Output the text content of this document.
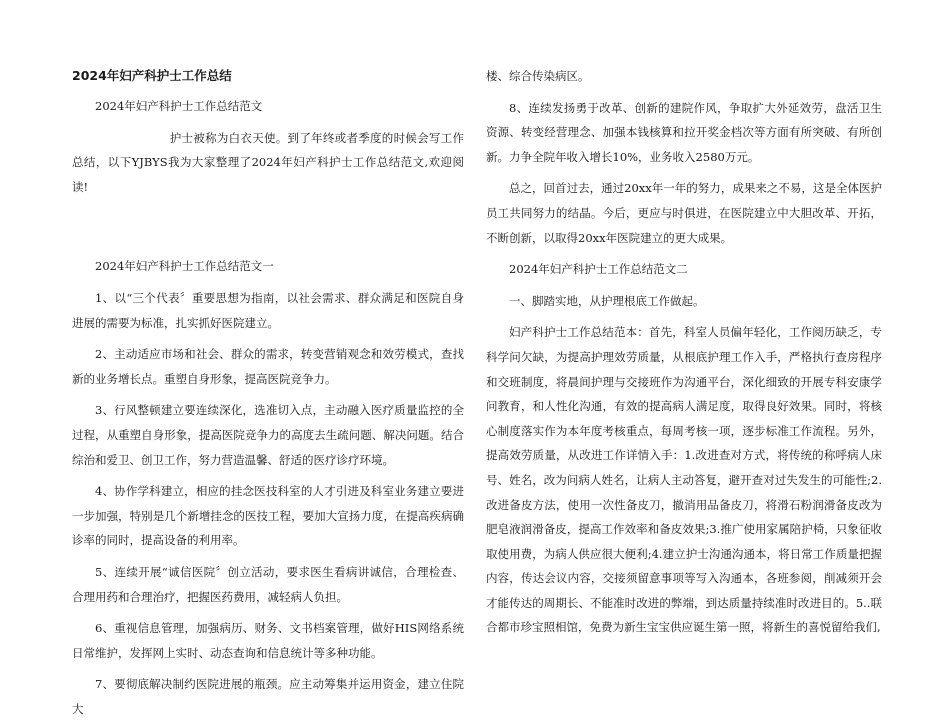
2024年妇产科护士工作总结

2024年妇产科护士工作总结范文

护士被称为白衣天使。到了年终或者季度的时候会写工作总结，以下YJBYS我为大家整理了2024年妇产科护士工作总结范文,欢迎阅读!

2024年妇产科护士工作总结范文一

1、以“三个代表〞重要思想为指南，以社会需求、群众满足和医院自身进展的需要为标准，扎实抓好医院建立。

2、主动适应市场和社会、群众的需求，转变营销观念和效劳模式，查找新的业务增长点。重塑自身形象，提高医院竞争力。

3、行风整顿建立要连续深化，选准切入点，主动融入医疗质量监控的全过程，从重塑自身形象，提高医院竞争力的高度去生疏问题、解决问题。结合综治和爱卫、创卫工作，努力营造温馨、舒适的医疗诊疗环境。

4、协作学科建立，相应的挂念医技科室的人才引进及科室业务建立要进一步加强，特别是几个新增挂念的医技工程，要加大宣扬力度，在提高疾病确诊率的同时，提高设备的利用率。

5、连续开展“诚信医院〞创立活动，要求医生看病讲诚信，合理检查、合理用药和合理治疗，把握医药费用，减轻病人负担。

6、重视信息管理，加强病历、财务、文书档案管理，做好HIS网络系统日常维护，发挥网上实时、动态查询和信息统计等多种功能。

7、要彻底解决制约医院进展的瓶颈。应主动筹集并运用资金，建立住院大

楼、综合传染病区。

8、连续发扬勇于改革、创新的建院作风，争取扩大外延效劳，盘活卫生资源、转变经营理念、加强本钱核算和拉开奖金档次等方面有所突破、有所创新。力争全院年收入增长10%，业务收入2580万元。

总之，回首过去，通过20xx年一年的努力，成果来之不易，这是全体医护员工共同努力的结晶。今后，更应与时俱进，在医院建立中大胆改革、开拓，不断创新，以取得20xx年医院建立的更大成果。

2024年妇产科护士工作总结范文二

一、脚踏实地，从护理根底工作做起。

妇产科护士工作总结范本：首先，科室人员偏年轻化，工作阅历缺乏，专科学问欠缺，为提高护理效劳质量，从根底护理工作入手，严格执行查房程序和交班制度，将晨间护理与交接班作为沟通平台，深化细致的开展专科安康学问教育，和人性化沟通，有效的提高病人满足度，取得良好效果。同时，将核心制度落实作为本年度考核重点，每周考核一项，逐步标准工作流程。另外，提高效劳质量，从改进工作详情入手：1.改进查对方式，将传统的称呼病人床号、姓名，改为问病人姓名，让病人主动答复，避开查对过失发生的可能性;2.改进备皮方法，使用一次性备皮刀，撤消用品备皮刀，将滑石粉润滑备皮改为肥皂液润滑备皮，提高工作效率和备皮效果;3.推广使用家属陪护椅，只象征收取使用费，为病人供应很大便利;4.建立护士沟通沟通本，将日常工作质量把握内容，传达会议内容，交接须留意事项等写入沟通本，各班参阅，削减须开会才能传达的周期长、不能准时改进的弊端，到达质量持续准时改进目的。5..联合都市珍宝照相馆，免费为新生宝宝供应诞生第一照，将新生的喜悦留给我们,
